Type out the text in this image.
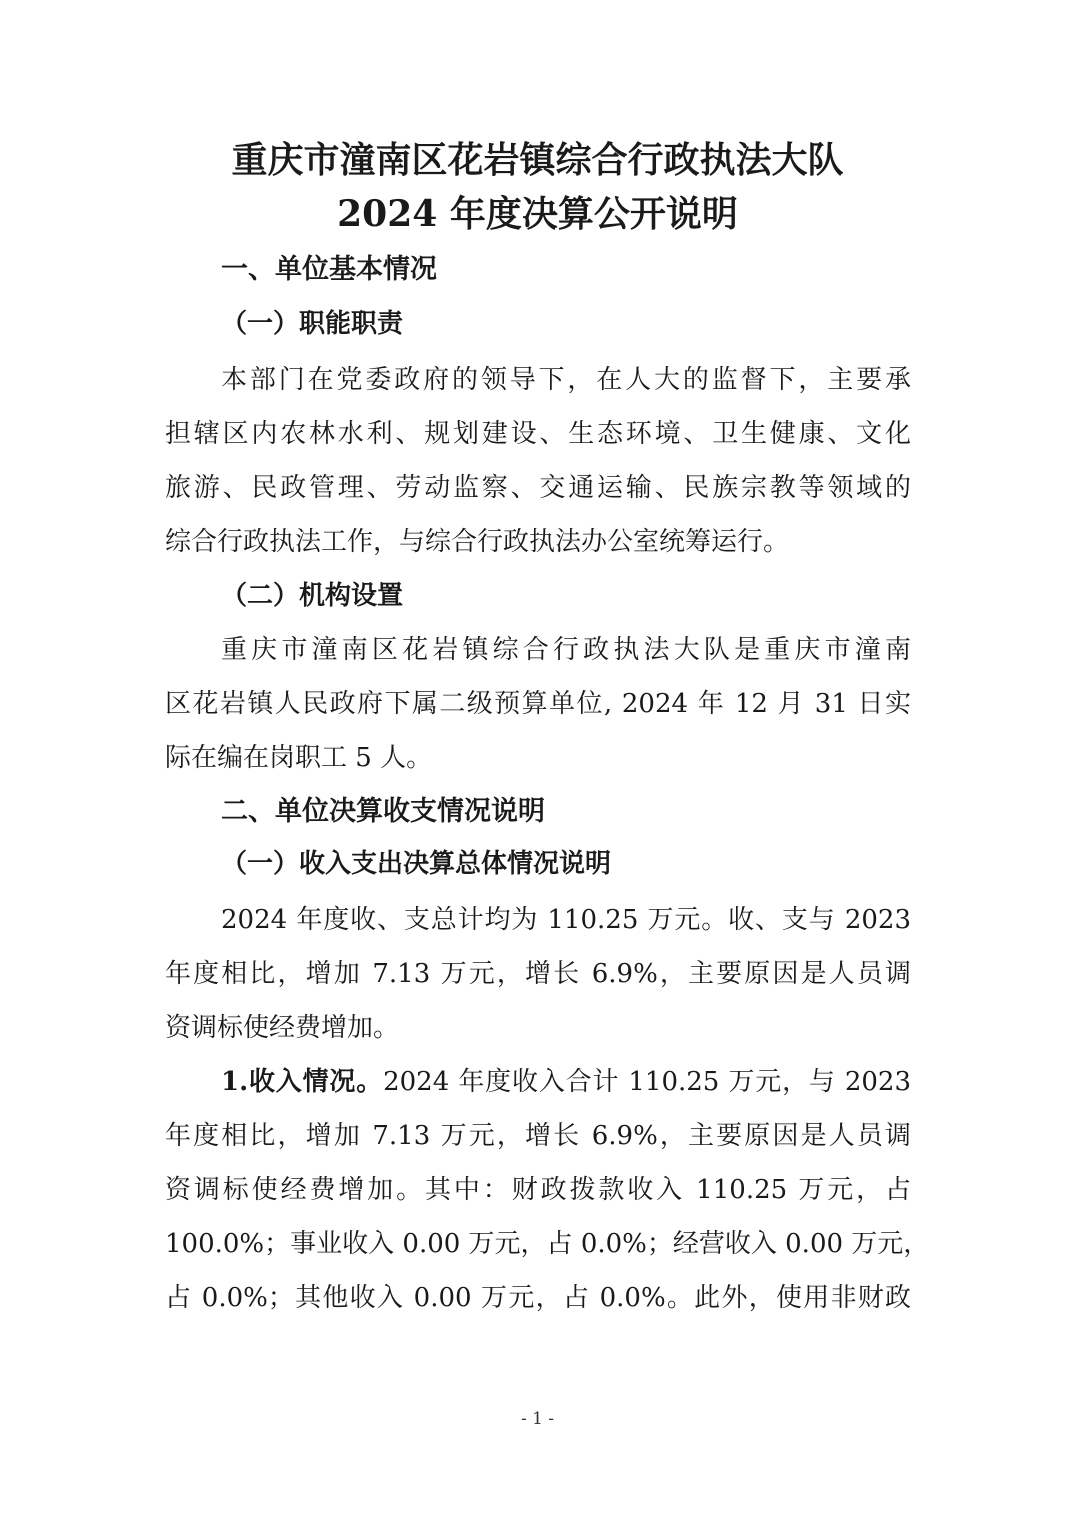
重庆市潼南区花岩镇综合行政执法大队
2024 年度决算公开说明
一、单位基本情况
（一）职能职责
本部门在党委政府的领导下，在人大的监督下，主要承
担辖区内农林水利、规划建设、生态环境、卫生健康、文化
旅游、民政管理、劳动监察、交通运输、民族宗教等领域的
综合行政执法工作，与综合行政执法办公室统筹运行。
（二）机构设置
重庆市潼南区花岩镇综合行政执法大队是重庆市潼南
区花岩镇人民政府下属二级预算单位, 2024 年 12 月 31 日实
际在编在岗职工 5 人。
二、单位决算收支情况说明
（一）收入支出决算总体情况说明
2024 年度收、支总计均为 110.25 万元。收、支与 2023
年度相比，增加 7.13 万元，增长 6.9%，主要原因是人员调
资调标使经费增加。
1.收入情况。2024 年度收入合计 110.25 万元，与 2023
年度相比，增加 7.13 万元，增长 6.9%，主要原因是人员调
资调标使经费增加。其中：财政拨款收入 110.25 万元，占
100.0%；事业收入 0.00 万元，占 0.0%；经营收入 0.00 万元，
占 0.0%；其他收入 0.00 万元，占 0.0%。此外，使用非财政
- 1 -
